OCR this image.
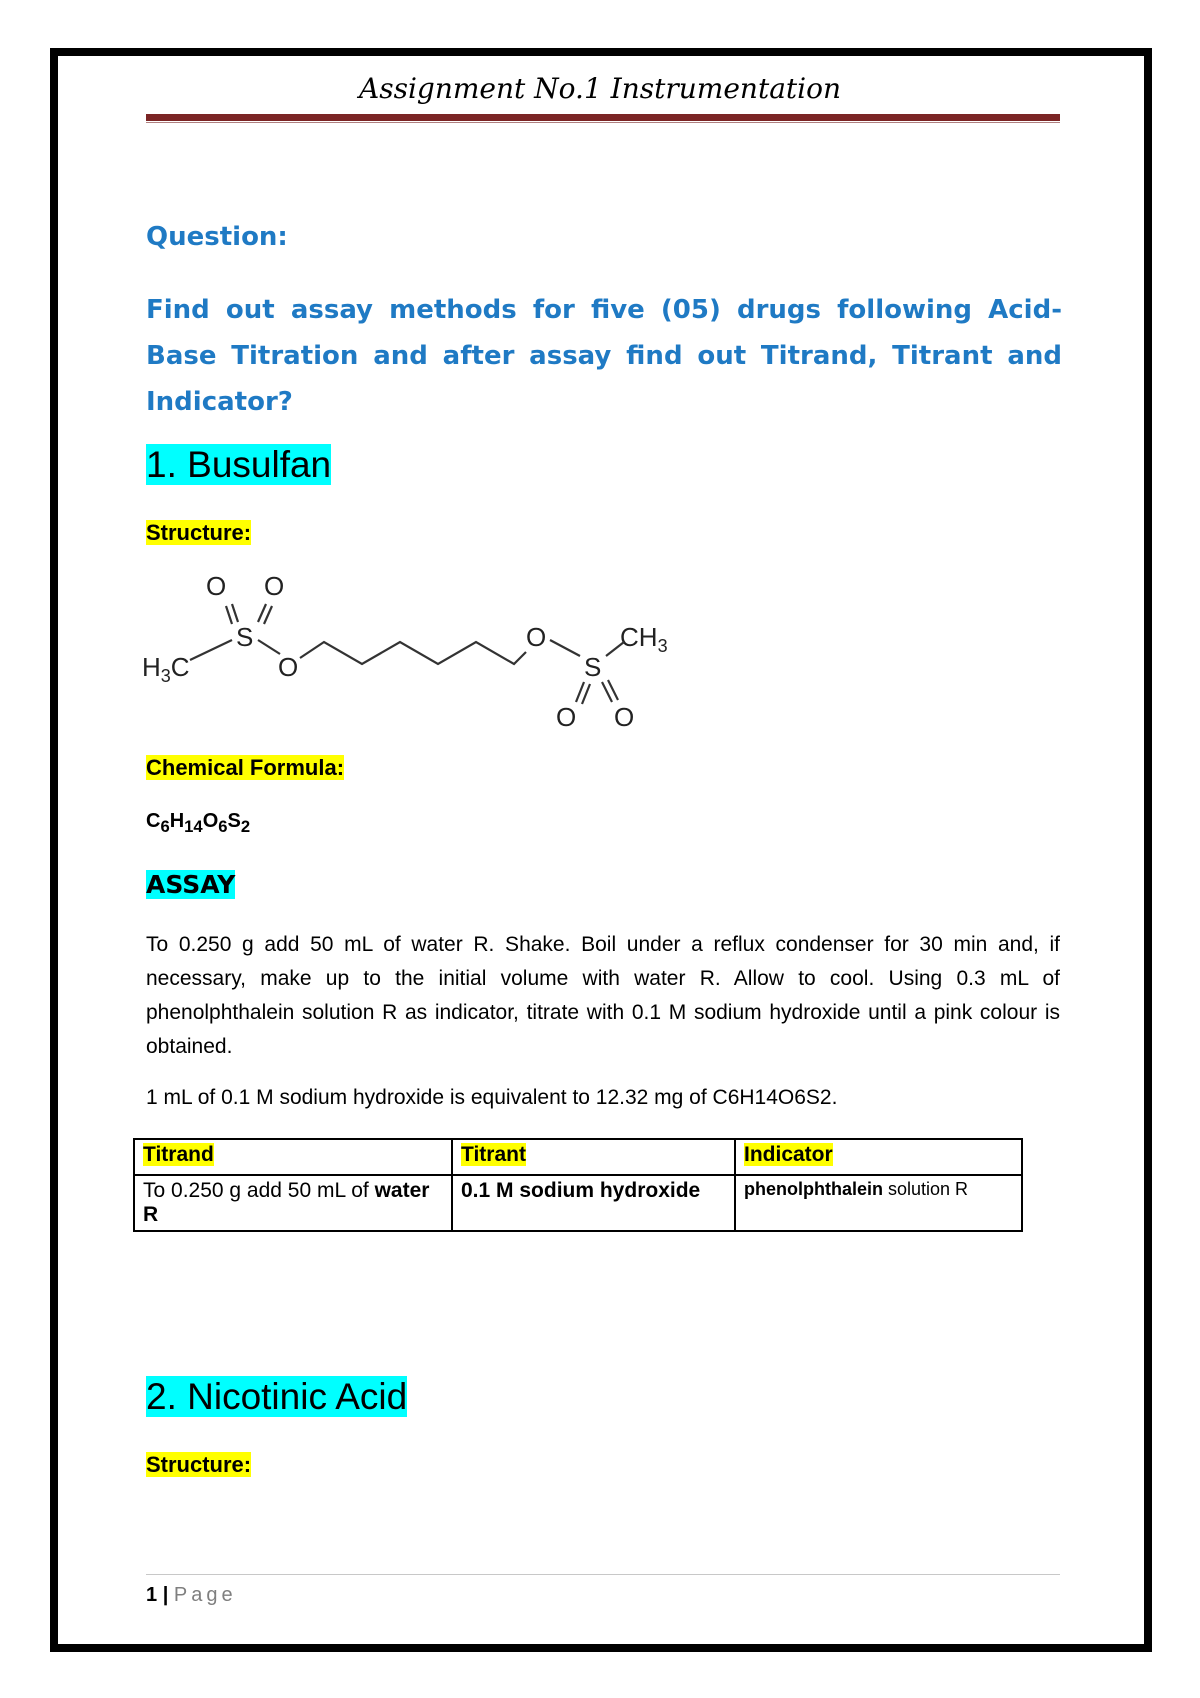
Assignment No.1 Instrumentation
Question:
Find out assay methods for five (05) drugs following Acid-Base Titration and after assay find out Titrand, Titrant and Indicator?
1. Busulfan
Structure:
O O
S
$H_3C$	O
O
S
$CH_3$
O O
Chemical Formula:
$C_6H_{14}O_6S_2$
ASSAY
To 0.250 g add 50 mL of water R. Shake. Boil under a reflux condenser for 30 min and, if necessary, make up to the initial volume with water R. Allow to cool. Using 0.3 mL of phenolphthalein solution R as indicator, titrate with 0.1 M sodium hydroxide until a pink colour is obtained.
1 mL of 0.1 M sodium hydroxide is equivalent to 12.32 mg of C6H14O6S2.
Titrand	Titrant	Indicator
To 0.250 g add 50 mL of water R	0.1 M sodium hydroxide	phenolphthalein solution R
2. Nicotinic Acid
Structure:
1 | Page
